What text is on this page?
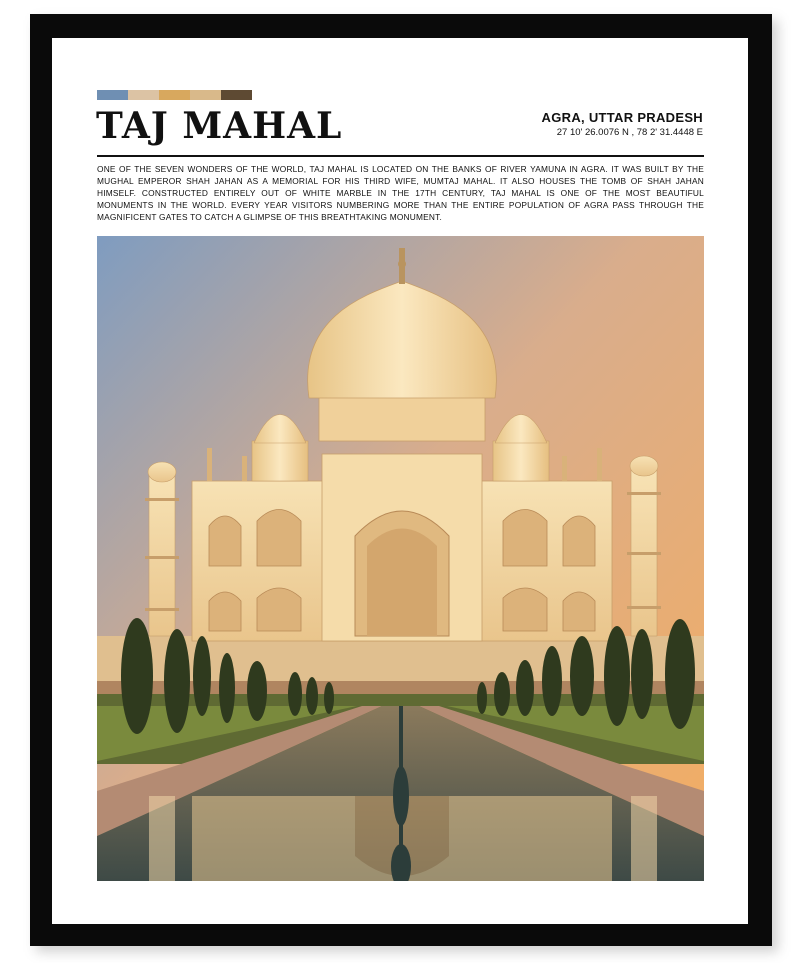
TAJ MAHAL	AGRA, UTTAR PRADESH
27 10' 26.0076 N , 78 2' 31.4448 E
ONE OF THE SEVEN WONDERS OF THE WORLD, TAJ MAHAL IS LOCATED ON THE BANKS OF RIVER YAMUNA IN AGRA. IT WAS BUILT BY THE MUGHAL EMPEROR SHAH JAHAN AS A MEMORIAL FOR HIS THIRD WIFE, MUMTAJ MAHAL. IT ALSO HOUSES THE TOMB OF SHAH JAHAN HIMSELF. CONSTRUCTED ENTIRELY OUT OF WHITE MARBLE IN THE 17TH CENTURY, TAJ MAHAL IS ONE OF THE MOST BEAUTIFUL MONUMENTS IN THE WORLD. EVERY YEAR VISITORS NUMBERING MORE THAN THE ENTIRE POPULATION OF AGRA PASS THROUGH THE MAGNIFICENT GATES TO CATCH A GLIMPSE OF THIS BREATHTAKING MONUMENT.
